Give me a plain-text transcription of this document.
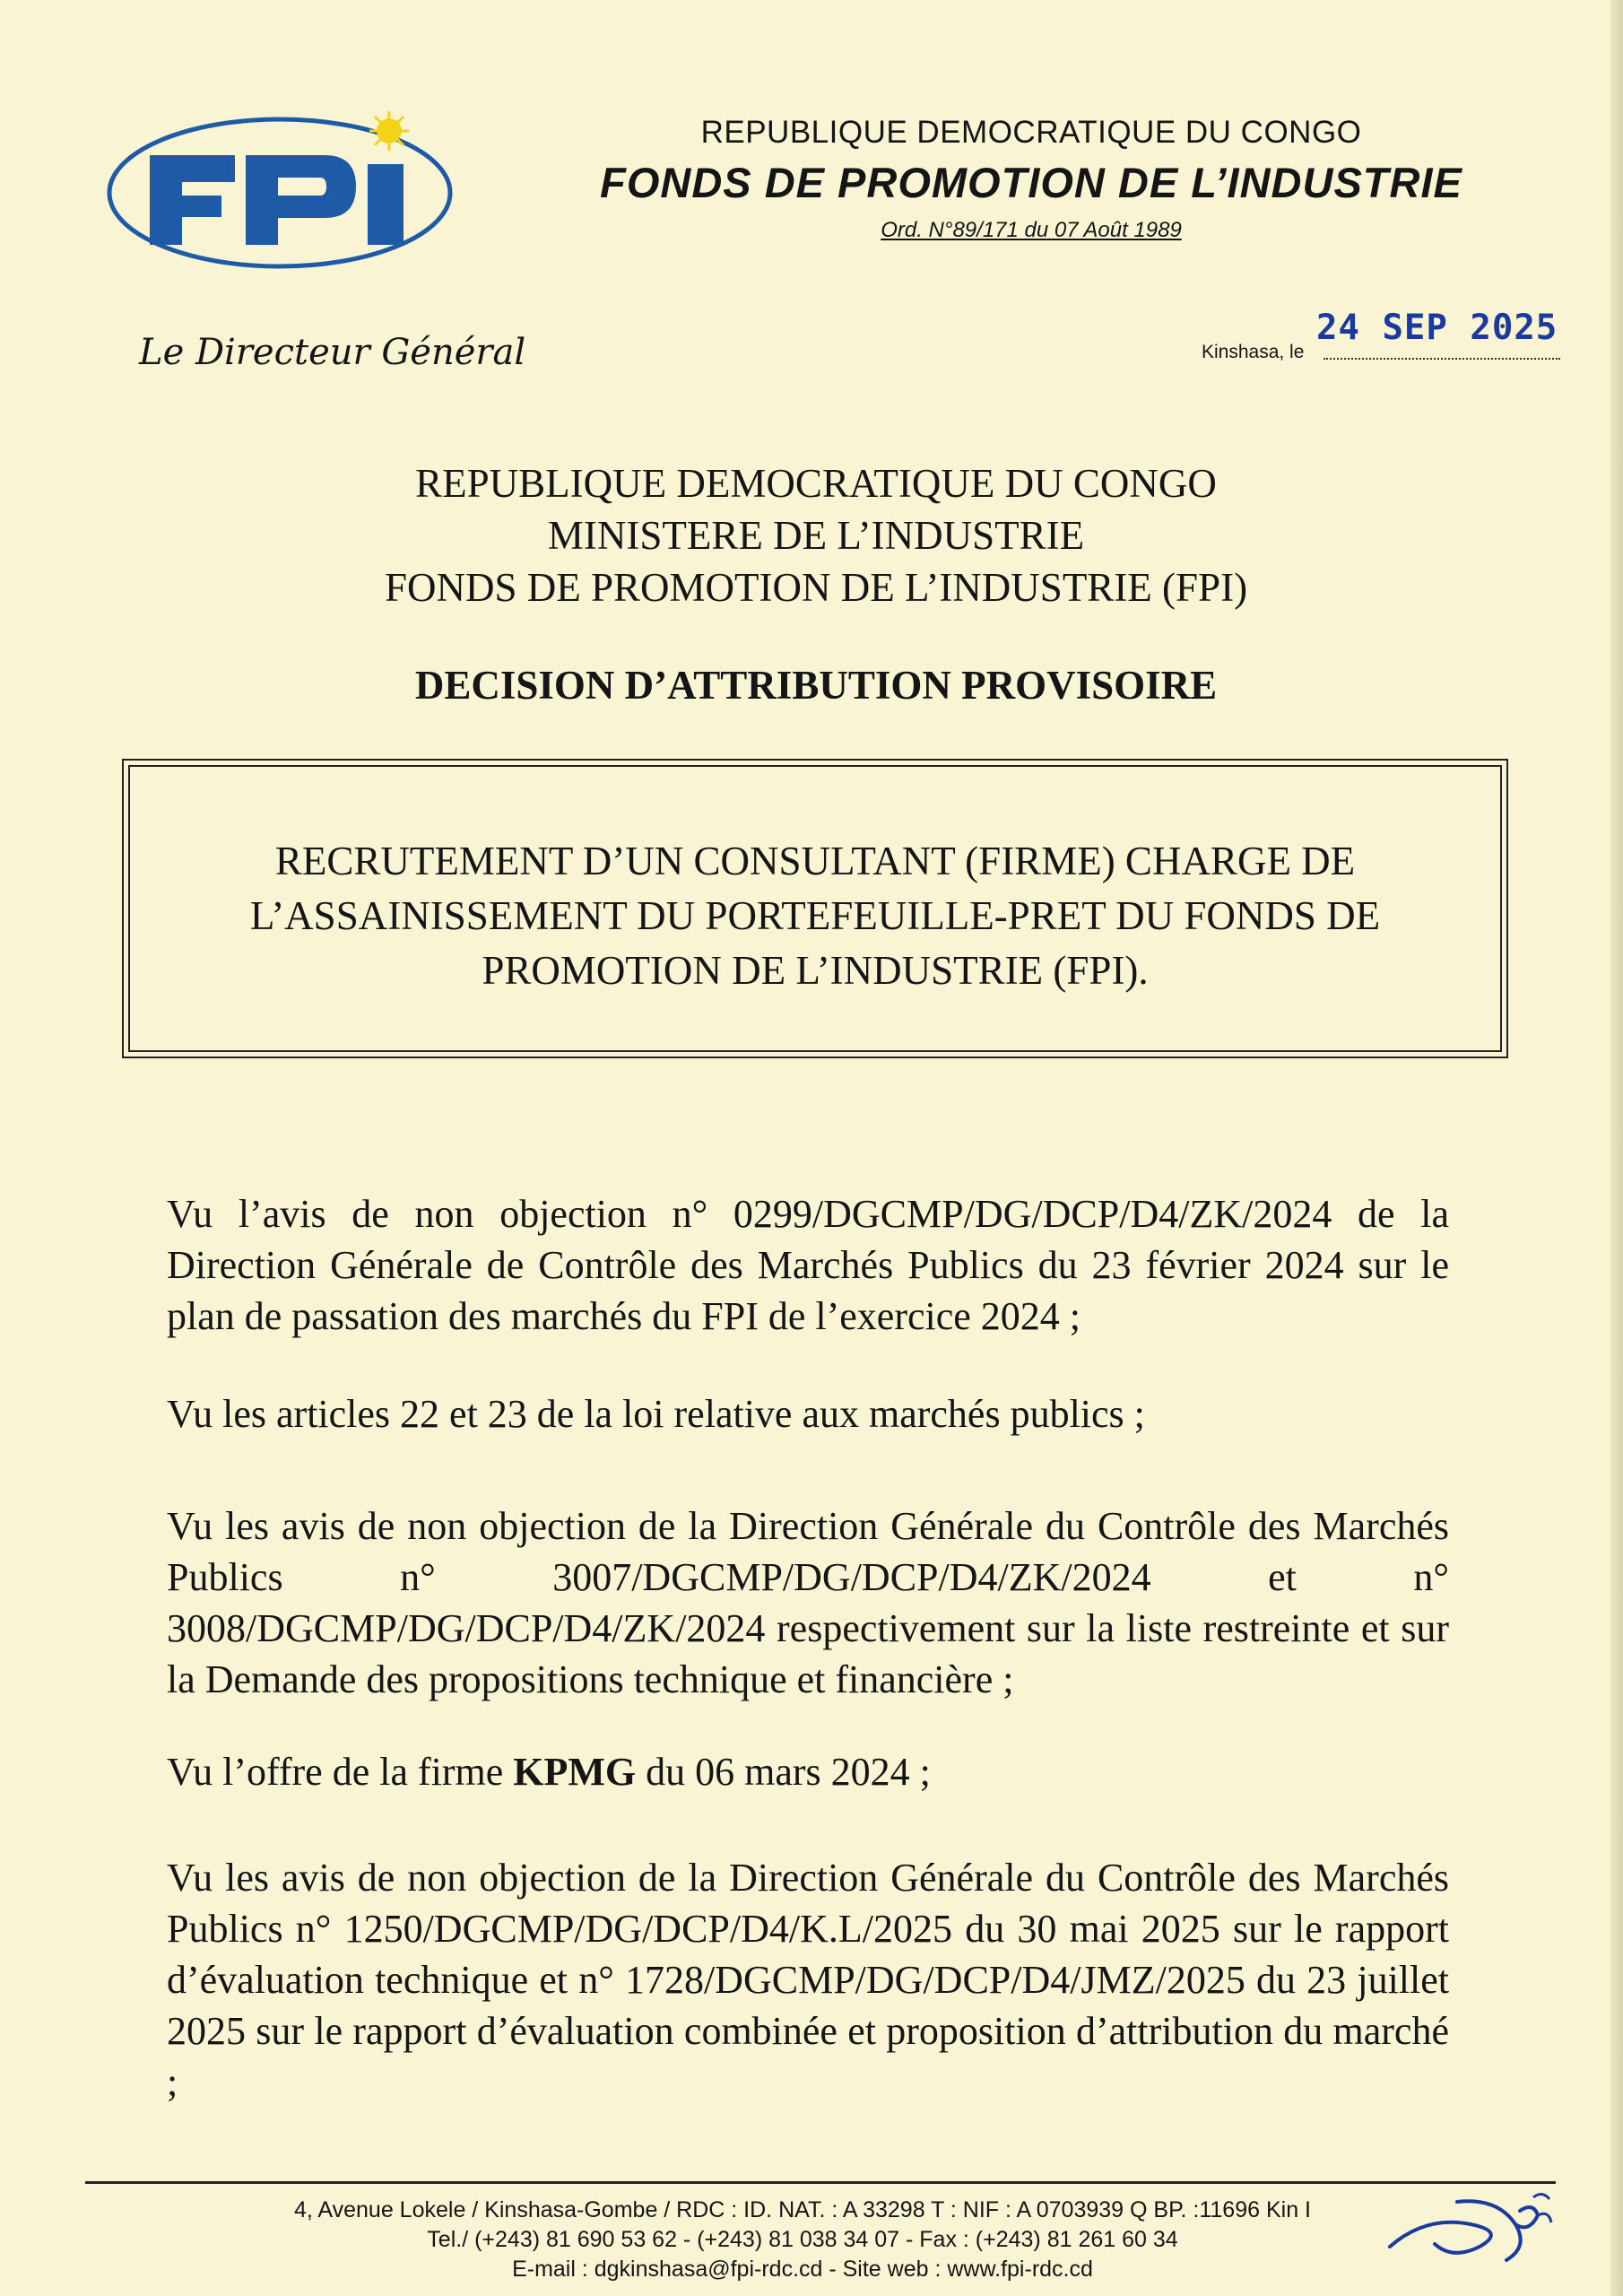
REPUBLIQUE DEMOCRATIQUE DU CONGO
FONDS DE PROMOTION DE L’INDUSTRIE
Ord. N°89/171 du 07 Août 1989
Le Directeur Général	Kinshasa, le
24 SEP 2025
REPUBLIQUE DEMOCRATIQUE DU CONGO
MINISTERE DE L’INDUSTRIE
FONDS DE PROMOTION DE L’INDUSTRIE (FPI)
DECISION D’ATTRIBUTION PROVISOIRE
RECRUTEMENT D’UN CONSULTANT (FIRME) CHARGE DE
L’ASSAINISSEMENT DU PORTEFEUILLE-PRET DU FONDS DE
PROMOTION DE L’INDUSTRIE (FPI).

Vu l’avis de non objection n° 0299/DGCMP/DG/DCP/D4/ZK/2024 de la Direction Générale de Contrôle des Marchés Publics du 23 février 2024 sur le plan de passation des marchés du FPI de l’exercice 2024 ;

Vu les articles 22 et 23 de la loi relative aux marchés publics ;

Vu les avis de non objection de la Direction Générale du Contrôle des Marchés Publics n° 3007/DGCMP/DG/DCP/D4/ZK/2024 et n° 3008/DGCMP/DG/DCP/D4/ZK/2024 respectivement sur la liste restreinte et sur la Demande des propositions technique et financière ;

Vu l’offre de la firme KPMG du 06 mars 2024 ;

Vu les avis de non objection de la Direction Générale du Contrôle des Marchés Publics n° 1250/DGCMP/DG/DCP/D4/K.L/2025 du 30 mai 2025 sur le rapport d’évaluation technique et n° 1728/DGCMP/DG/DCP/D4/JMZ/2025 du 23 juillet 2025 sur le rapport d’évaluation combinée et proposition d’attribution du marché ;

4, Avenue Lokele / Kinshasa-Gombe / RDC : ID. NAT. : A 33298 T : NIF : A 0703939 Q BP. :11696 Kin I
Tel./ (+243) 81 690 53 62 - (+243) 81 038 34 07 - Fax : (+243) 81 261 60 34
E-mail : dgkinshasa@fpi-rdc.cd - Site web : www.fpi-rdc.cd
